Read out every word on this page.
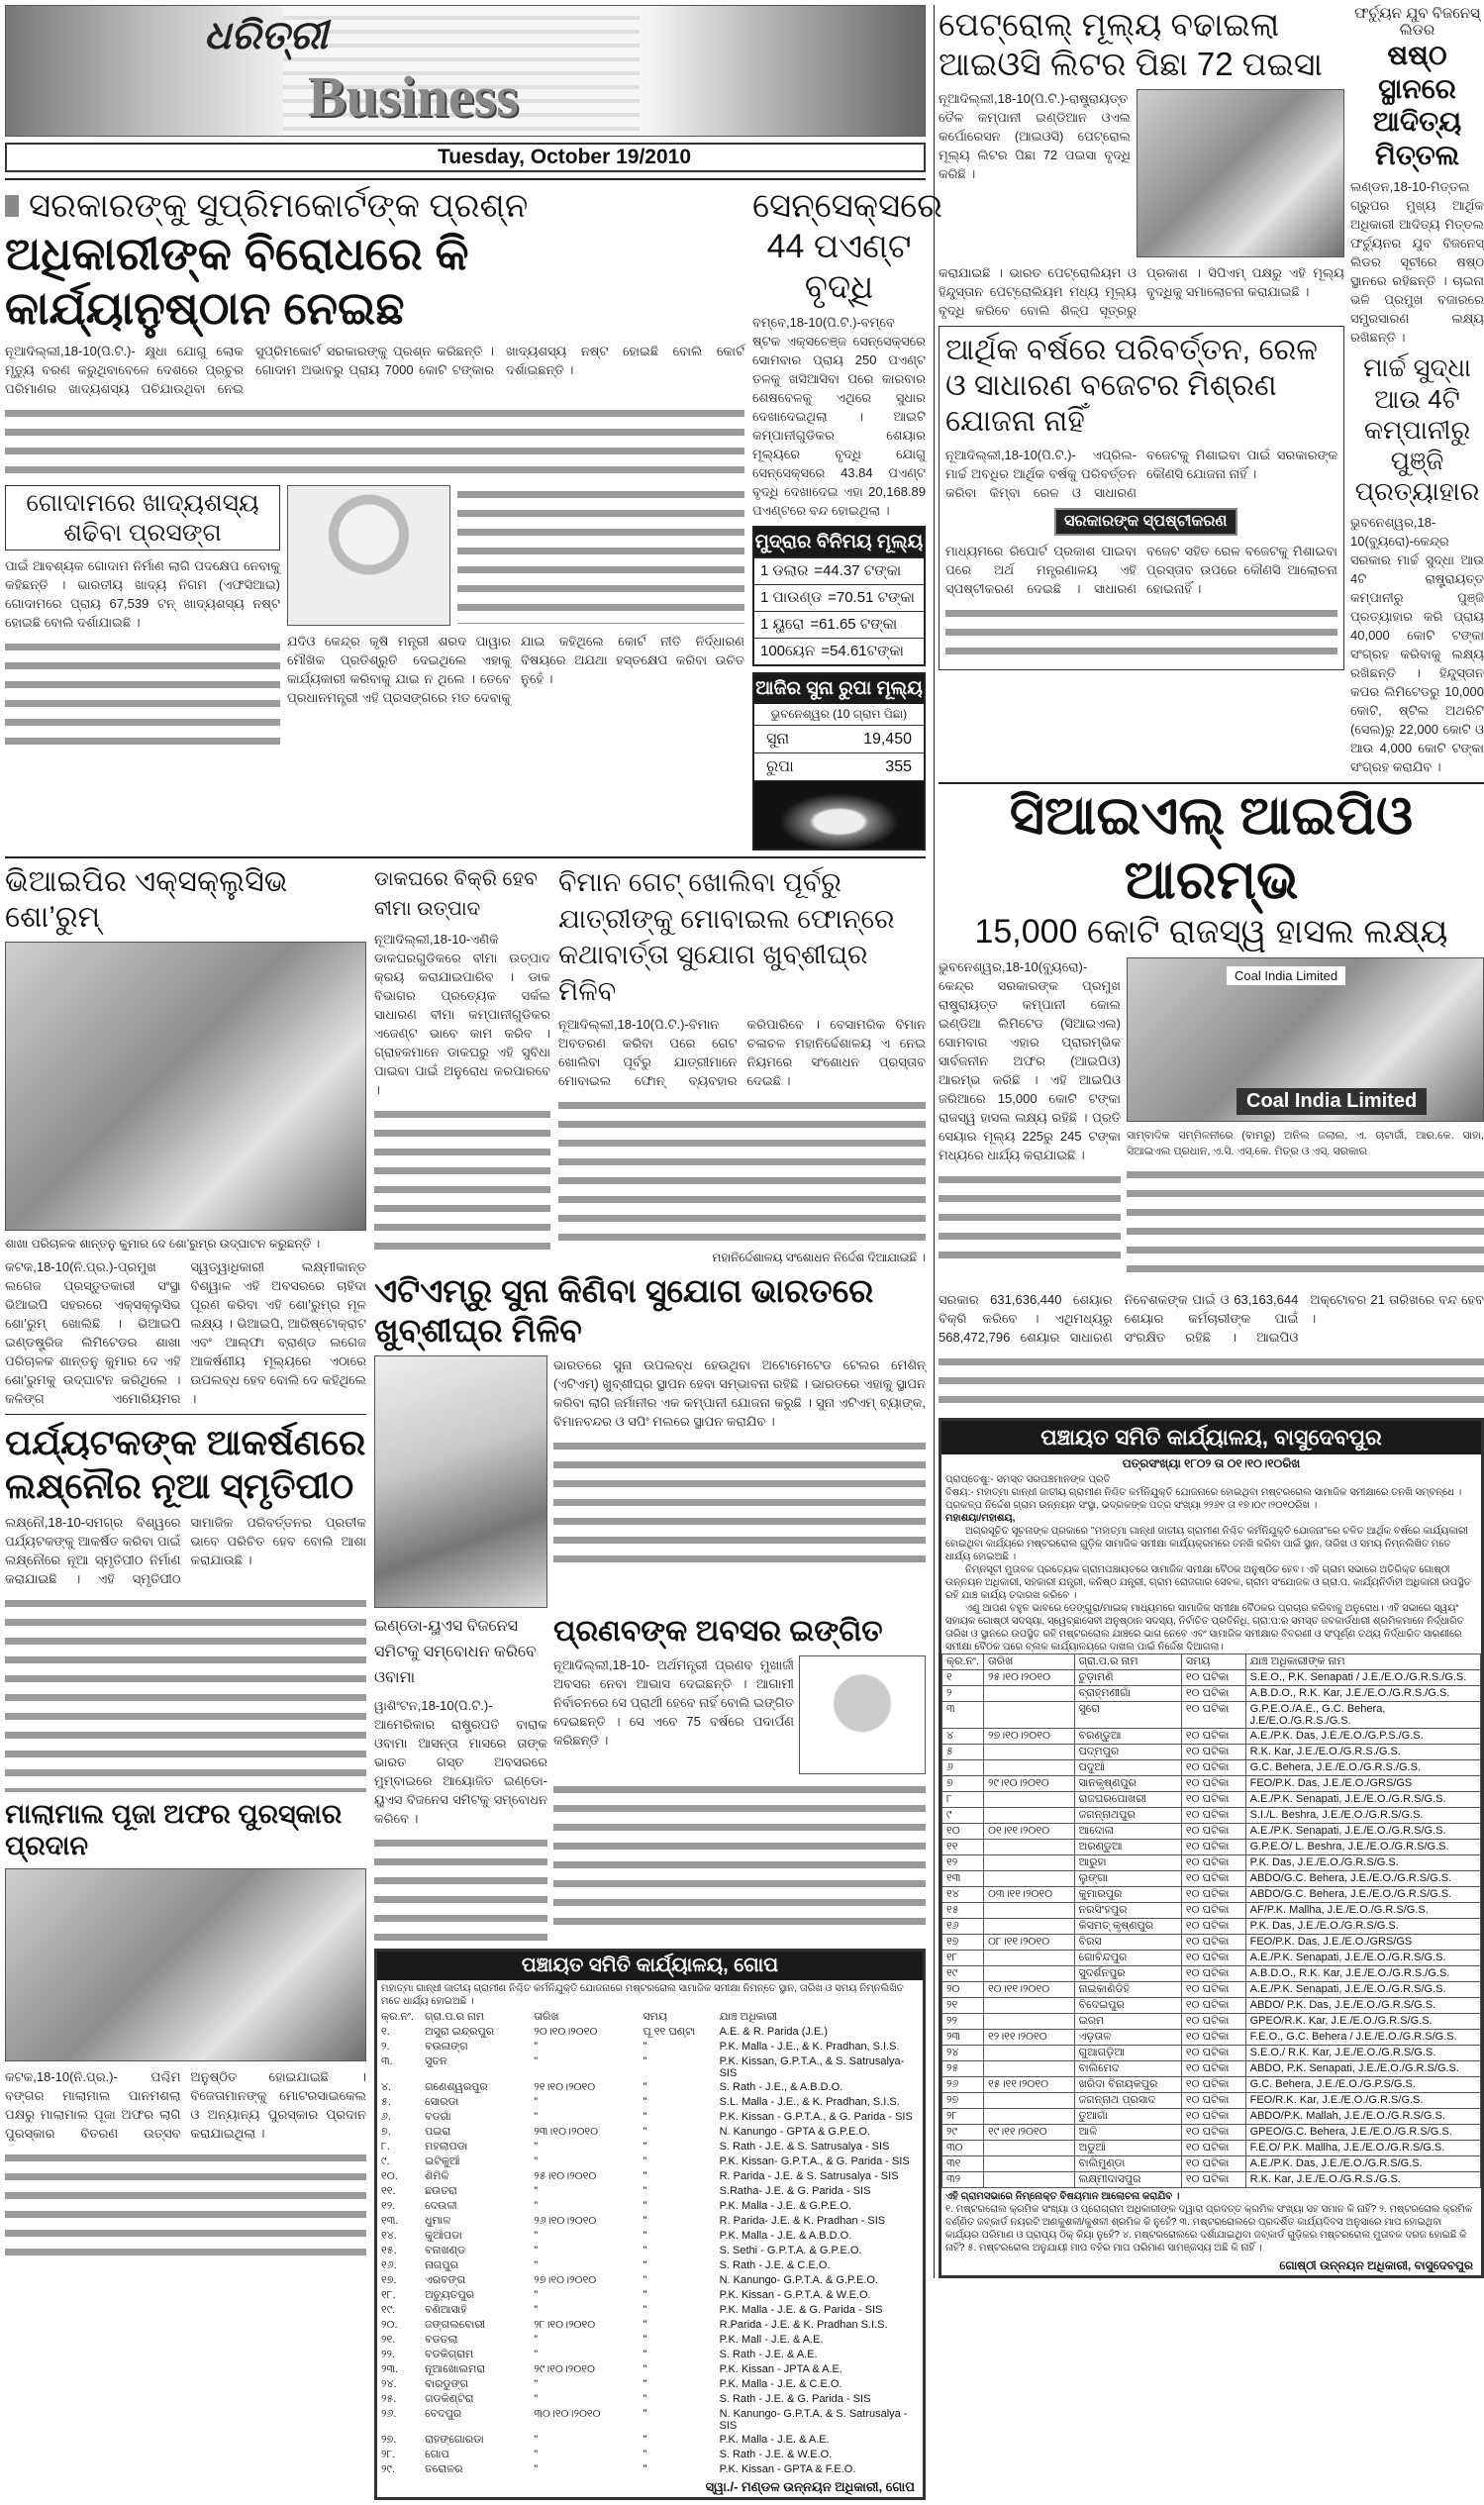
ଧରିତ୍ରୀ
Business
Tuesday, October 19/2010
ସରକାରଙ୍କୁ ସୁପ୍ରିମକୋର୍ଟଙ୍କ ପ୍ରଶ୍ନ
ଅଧିକାରୀଙ୍କ ବିରୋଧରେ କି କାର୍ଯ୍ୟାନୁଷ୍ଠାନ ନେଇଛ
ନୂଆଦିଲ୍ଲୀ,18-10(ପି.ଟି.)- କ୍ଷୁଧା ଯୋଗୁ ଲୋକ ମୃତ୍ୟୁ ବରଣ କରୁଥିବାବେଳେ ଦେଶରେ ପ୍ରଚୁର ପରିମାଣର ଖାଦ୍ୟଶସ୍ୟ ପଚିଯାଉଥିବା ନେଇ ସୁପ୍ରିମକୋର୍ଟ ସରକାରଙ୍କୁ ପ୍ରଶ୍ନ କରିଛନ୍ତି । ଗୋଦାମ ଅଭାବରୁ ପ୍ରାୟ 7000 କୋଟି ଟଙ୍କାର ଖାଦ୍ୟଶସ୍ୟ ନଷ୍ଟ ହୋଇଛି ବୋଲି କୋର୍ଟ ଦର୍ଶାଇଛନ୍ତି ।
ଗୋଦାମରେ ଖାଦ୍ୟଶସ୍ୟ ଶଢିବା ପ୍ରସଙ୍ଗ
ପାଇଁ ଆବଶ୍ୟକ ଗୋଦାମ ନିର୍ମାଣ ଲାଗି ପଦକ୍ଷେପ ନେବାକୁ କହିଛନ୍ତି । ଭାରତୀୟ ଖାଦ୍ୟ ନିଗମ (ଏଫସିଆଇ) ଗୋଦାମରେ ପ୍ରାୟ 67,539 ଟନ୍ ଖାଦ୍ୟଶସ୍ୟ ନଷ୍ଟ ହୋଇଛି ବୋଲି ଦର୍ଶାଯାଇଛି ।
ଯଦିଓ କେନ୍ଦ୍ର କୃଷି ମନ୍ତ୍ରୀ ଶରଦ ପାୱାର ମୌଖିକ ପ୍ରତିଶ୍ରୁତି ଦେଇଥିଲେ ଏହାକୁ କାର୍ଯ୍ୟକାରୀ କରିବାକୁ ଯାଇ ନ ଥିଲେ । ତେବେ ପ୍ରଧାନମନ୍ତ୍ରୀ ଏହି ପ୍ରସଙ୍ଗରେ ମତ ଦେବାକୁ ଯାଇ କହିଥିଲେ କୋର୍ଟ ନୀତି ନିର୍ଦ୍ଧାରଣ ବିଷୟରେ ଅଯଥା ହସ୍ତକ୍ଷେପ କରିବା ଉଚିତ ନୁହେଁ ।
ସେନ୍‌ସେକ୍ସରେ 44 ପଏଣ୍ଟ ବୃଦ୍ଧି
ବମ୍ବେ,18-10(ପି.ଟି.)-ବମ୍ବେ ଷ୍ଟକ ଏକ୍ସଚେଞ୍ଜ ସେନ୍‌ସେକ୍ସରେ ସୋମବାର ପ୍ରାୟ 250 ପଏଣ୍ଟ ତଳକୁ ଖସିଆସିବା ପରେ କାରବାର ଶେଷବେଳକୁ ଏଥିରେ ସୁଧାର ଦେଖାଦେଇଥିଲା । ଆଇଟି କମ୍ପାନୀଗୁଡିକର ଶେୟାର ମୂଲ୍ୟରେ ବୃଦ୍ଧି ଯୋଗୁ ସେନ୍‌ସେକ୍ସରେ 43.84 ପଏଣ୍ଟ ବୃଦ୍ଧି ଦେଖାଦେଇ ଏହା 20,168.89 ପଏଣ୍ଟରେ ବନ୍ଦ ହୋଇଥିଲା ।
ମୁଦ୍ରାର ବିନିମୟ ମୂଲ୍ୟ
1 ଡଲାର =44.37 ଟଙ୍କା
1 ପାଉଣ୍ଡ =70.51 ଟଙ୍କା
1 ୟୁରୋ =61.65 ଟଙ୍କା
100ୟେନ =54.61ଟଙ୍କା
ଆଜିର ସୁନା ରୁପା ମୂଲ୍ୟ
ଭୁବନେଶ୍ୱର (10 ଗ୍ରାମ ପିଛା)
ସୁନା	19,450
ରୁପା	355
ଭିଆଇପିର ଏକ୍ସକ୍ଲୁସିଭ ଶୋ’ରୁମ୍
ଶାଖା ପରିଚାଳକ ଶାନ୍ତନୁ କୁମାର ଦେ ଶୋ’ରୁମ୍‌ର ଉଦ୍‌ଘାଟନ କରୁଛନ୍ତି ।
କଟକ,18-10(ନି.ପ୍ର.)-ପ୍ରମୁଖ ଲଗେଜ ପ୍ରସ୍ତୁତକାରୀ ସଂସ୍ଥା ଭିଆଇପି ସହରରେ ଏକ୍ସକ୍ଲୁସିଭ ଶୋ’ରୁମ୍ ଖୋଲିଛି । ଭିଆଇପି ଇଣ୍ଡଷ୍ଟ୍ରିଜ ଲିମିଟେଡର ଶାଖା ପରିଚାଳକ ଶାନ୍ତନୁ କୁମାର ଦେ ଏହି ଶୋ’ରୁମକୁ ଉଦ୍‌ଘାଟନ କରିଥିଲେ । କଳିଙ୍ଗ ଏମୋରିୟମର ସ୍ୱତ୍ୱାଧିକାରୀ ଲକ୍ଷ୍ମୀକାନ୍ତ ବିଶ୍ୱାଳ ଏହି ଅବସରରେ ଚାହିଦା ପୂରଣ କରିବା ଏହି ଶୋ’ରୁମ୍‌ର ମୂଳ ଲକ୍ଷ୍ୟ । ଭିଆଇପି, ଆରିଷ୍ଟୋକ୍ରାଟ ଏବଂ ଆଲ୍‌ଫା ବ୍ରାଣ୍ଡ ଲଗେଜ ଆକର୍ଷଣୀୟ ମୂଲ୍ୟରେ ଏଠାରେ ଉପଲବ୍ଧ ହେବ ବୋଲି ଦେ କହିଥିଲେ ।
ପର୍ଯ୍ୟଟକଙ୍କ ଆକର୍ଷଣରେ ଲକ୍ଷ୍ନୌର ନୂଆ ସ୍ମୃତିପୀଠ
ଲକ୍ଷ୍ନୌ,18-10-ସମଗ୍ର ବିଶ୍ୱରେ ପର୍ଯ୍ୟଟକଙ୍କୁ ଆକର୍ଷିତ କରିବା ପାଇଁ ଲକ୍ଷ୍ନୌରେ ନୂଆ ସ୍ମୃତିପୀଠ ନିର୍ମାଣ କରାଯାଇଛି । ଏହି ସ୍ମୃତିପୀଠ ସାମାଜିକ ପରିବର୍ତ୍ତନର ପ୍ରତୀକ ଭାବେ ପରିଚିତ ହେବ ବୋଲି ଆଶା କରାଯାଉଛି ।
ମାଲାମାଲ ପୂଜା ଅଫର ପୁରସ୍କାର ପ୍ରଦାନ
କଟକ,18-10(ନି.ପ୍ର.)- ପଶ୍ଚିମ ବଙ୍ଗର ମାଲାମାଲ ପାନମଶଲା ପକ୍ଷରୁ ମାଲାମାଲ ପୂଜା ଅଫର ଲାଗି ପୁରସ୍କାର ବିତରଣ ଉତ୍ସବ ଅନୁଷ୍ଠିତ ହୋଇଯାଇଛି । ବିଜେତାମାନଙ୍କୁ ମୋଟରସାଇକେଲ ଓ ଅନ୍ୟାନ୍ୟ ପୁରସ୍କାର ପ୍ରଦାନ କରାଯାଇଥିଲା ।
ଡାକଘରେ ବିକ୍ରି ହେବ ବୀମା ଉତ୍ପାଦ
ନୂଆଦିଲ୍ଲୀ,18-10-ଏଣିକି ଡାକଘରଗୁଡିକରେ ବୀମା ଉତ୍ପାଦ କ୍ରୟ କରାଯାଇପାରିବ । ଡାକ ବିଭାଗର ପ୍ରତ୍ୟେକ ସର୍କଲ ସାଧାରଣ ବୀମା କମ୍ପାନୀଗୁଡିକର ଏଜେଣ୍ଟ ଭାବେ କାମ କରିବ । ଗ୍ରାହକମାନେ ଡାକଘରୁ ଏହି ସୁବିଧା ପାଇବା ପାଇଁ ଅନୁରୋଧ କରପାରବେ ।
ବିମାନ ଗେଟ୍ ଖୋଲିବା ପୂର୍ବରୁ ଯାତ୍ରୀଙ୍କୁ ମୋବାଇଲ ଫୋନ୍‌ରେ କଥାବାର୍ତ୍ତା ସୁଯୋଗ ଖୁବ୍‌ଶୀଘ୍ର ମିଳିବ
ନୂଆଦିଲ୍ଲୀ,18-10(ପି.ଟି.)-ବିମାନ ଅବତରଣ କରିବା ପରେ ଗେଟ ଖୋଲିବା ପୂର୍ବରୁ ଯାତ୍ରୀମାନେ ମୋବାଇଲ ଫୋନ୍ ବ୍ୟବହାର କରିପାରିବେ । ବେସାମରିକ ବିମାନ ଚଳାଚଳ ମହାନିର୍ଦ୍ଦେଶାଳୟ ଏ ନେଇ ନିୟମରେ ସଂଶୋଧନ ପ୍ରସ୍ତାବ ଦେଇଛି ।
ମହାନିର୍ଦ୍ଦେଶାଳୟ ସଂଶୋଧନ ନିର୍ଦ୍ଦେଶ ଦିଆଯାଇଛି ।
ଏଟିଏମ୍‌ରୁ ସୁନା କିଣିବା ସୁଯୋଗ ଭାରତରେ ଖୁବ୍‌ଶୀଘ୍ର ମିଳିବ
ଭାରତରେ ସୁନା ଉପଲବ୍ଧ ହେଉଥିବା ଅଟୋମେଟେଡ ଟେଲର ମେଶିନ୍ (ଏଟିଏମ୍) ଖୁବ୍‌ଶୀଘ୍ର ସ୍ଥାପନ ହେବା ସମ୍ଭାବନା ରହିଛି । ଭାରତରେ ଏହାକୁ ସ୍ଥାପନ କରିବା ଲାଗି ଜର୍ମାନୀର ଏକ କମ୍ପାନୀ ଯୋଜନା କରୁଛି । ସୁନା ଏଟିଏମ୍ ବ୍ୟାଙ୍କ, ବିମାନବନ୍ଦର ଓ ସପିଂ ମଲରେ ସ୍ଥାପନ କରାଯିବ ।
ଇଣ୍ଡୋ-ୟୁଏସ ବିଜନେସ ସମିଟକୁ ସମ୍ବୋଧନ କରିବେ ଓବାମା
ୱାଶିଂଟନ,18-10(ପି.ଟି.)-ଆମେରିକାର ରାଷ୍ଟ୍ରପତି ବାରାକ ଓବାମା ଆସନ୍ତା ମାସରେ ତାଙ୍କ ଭାରତ ଗସ୍ତ ଅବସରରେ ମୁମ୍ବାଇରେ ଆୟୋଜିତ ଇଣ୍ଡୋ-ୟୁଏସ ବିଜନେସ ସମିଟକୁ ସମ୍ବୋଧନ କରିବେ ।
ପ୍ରଣବଙ୍କ ଅବସର ଇଙ୍ଗିତ
ନୂଆଦିଲ୍ଲୀ,18-10- ଅର୍ଥମନ୍ତ୍ରୀ ପ୍ରଣବ ମୁଖାର୍ଜୀ ଅବସର ନେବା ଆଭାସ ଦେଇଛନ୍ତି । ଆଗାମୀ ନିର୍ବାଚନରେ ସେ ପ୍ରାର୍ଥୀ ହେବେ ନାହିଁ ବୋଲି ଇଙ୍ଗିତ ଦେଇଛନ୍ତି । ସେ ଏବେ 75 ବର୍ଷରେ ପଦାର୍ପଣ କରିଛନ୍ତି ।
ପଞ୍ଚାୟତ ସମିତି କାର୍ଯ୍ୟାଳୟ, ଗୋପ
ମହାତ୍ମା ଗାନ୍ଧୀ ଜାତୀୟ ଗ୍ରାମୀଣ ନିଶ୍ଚିତ କର୍ମନିଯୁକ୍ତି ଯୋଜନାରେ ମଷ୍ଟରରୋଲ ସାମାଜିକ ସମୀକ୍ଷା ନିମନ୍ତେ ସ୍ଥାନ, ତାରିଖ ଓ ସମୟ ନିମ୍ନଲିଖିତ ମତେ ଧାର୍ଯ୍ୟ ହୋଇଅଛି ।
କ୍ର.ନଂ.	ଗ୍ରା.ପ.ର ନାମ	ତାରିଖ	ସମୟ	ଯାଞ୍ଚ ଅଧିକାରୀ
୧.	ଅସୁରା ଇନ୍ଦ୍ରପୁର	୨୦।୧୦।୨୦୧୦	ପୂ ୧୧ ଘଣ୍ଟା	A.E. & R. Parida (J.E.)
୨.	ବଉଳାଙ୍ଗ	"	"	P.K. Malla - J.E., & K. Pradhan, S.I.S.
୩.	ସୁତନ	"	"	P.K. Kissan, G.P.T.A., & S. Satrusalya-SIS
୪.	ଗଣେଶ୍ୱରପୁର	୨୧।୧୦।୨୦୧୦	"	S. Rath - J.E., & A.B.D.O.
୫.	ସୋରଡା	"	"	S.L. Malla - J.E., & K. Pradhan, S.I.S.
୬.	ବଡଗାଁ	"	"	P.K. Kissan - G.P.T.A., & G. Parida - SIS
୭.	ପଇରା	୨୩।୧୦।୨୦୧୦	"	N. Kanungo - GPTA & G.P.E.O.
୮.	ମହଲାପଡା	"	"	S. Rath - J.E. & S. Satrusalya - SIS
୯.	ଇଟିକୁଆଁ	"	"	P.K. Kissan- G.P.T.A., & G. Parida - SIS
୧୦.	ଶିମିଳି	୨୫।୧୦।୨୦୧୦	"	R. Parida - J.E. & S. Satrusalya - SIS
୧୧.	ଛଉତରା	"	"	S.Ratha- J.E. & G. Parida - SIS
୧୨.	ଦେଉଳୀ	"	"	P.K. Malla - J.E. & G.P.E.O.
୧୩.	ଧୁମାଳ	୨୬।୧୦।୨୦୧୦	"	R. Parida- J.E. & K. Pradhan - SIS
୧୪.	କୁଆଁପଡା	"	"	P.K. Malla - J.E. & A.B.D.O.
୧୫.	ବନାଖଣ୍ଡ	"	"	S. Sethi - G.P.T.A. & G.P.E.O.
୧୬.	ନାଗପୁର	"	"	S. Rath - J.E. & C.E.O.
୧୭.	ଏରବଙ୍ଗ	୨୭।୧୦।୨୦୧୦	"	N. Kanungo- G.P.T.A. & G.P.E.O.
୧୮.	ଅଚ୍ୟୁତପୁର	"	"	P.K. Kissan - G.P.T.A. & W.E.O.
୧୯.	ବଣିଆସାହି	"	"	P.K. Malla - J.E. & G. Parida - SIS
୨୦.	ଜଙ୍ଗଲବୋରୀ	୨୮।୧୦।୨୦୧୦	"	R.Parida - J.E. & K. Pradhan S.I.S.
୨୧.	ବଡତଲା	"	"	P.K. Mall - J.E. & A.E.
୨୨.	ବଡକିଗ୍ରାମ	"	"	S. Rath - J.E. & A.E.
୨୩.	ନୂଆଖୋଲମରା	୨୯।୧୦।୨୦୧୦	"	P.K. Kissan - JPTA & A.E.
୨୪.	ବାରଡୁଙ୍ଗ	"	"	P.K. Malla - J.E. & C.E.O.
୨୫.	ଗଡକିଣ୍ଟିରା	"	"	S. Rath - J.E. & G. Parida - SIS
୨୬.	ବେଦପୁର	୩୦।୧୦।୨୦୧୦	"	N. Kanungo- G.P.T.A. & S. Satrusalya - SIS
୨୭.	ରାହଙ୍ଗୋରଡା	"	"	P.K. Malla - J.E. & A.E.
୨୮.	ଗୋପ	"	"	S. Rath - J.E. & W.E.O.
୨୯.	ତରୋଳର	"	"	P.K. Kissan - GPTA & F.E.O.
ସ୍ୱା./- ମଣ୍ଡଳ ଉନ୍ନୟନ ଅଧିକାରୀ, ଗୋପ
ପେଟ୍ରୋଲ୍ ମୂଲ୍ୟ ବଢାଇଲା ଆଇଓସି ଲିଟର ପିଛା 72 ପଇସା
ନୂଆଦିଲ୍ଲୀ,18-10(ପି.ଟି.)-ରାଷ୍ଟ୍ରାୟତ୍ତ ତୈଳ କମ୍ପାନୀ ଇଣ୍ଡିଆନ ଓଏଲ କର୍ପୋରେସନ (ଆଇଓସି) ପେଟ୍ରୋଲ ମୂଲ୍ୟ ଲିଟର ପିଛା 72 ପଇସା ବୃଦ୍ଧି କରିଛି ।
କରାଯାଇଛି । ଭାରତ ପେଟ୍ରୋଲିୟମ ଓ ହିନ୍ଦୁସ୍ତାନ ପେଟ୍ରୋଲିୟମ ମଧ୍ୟ ମୂଲ୍ୟ ବୃଦ୍ଧି କରିବେ ବୋଲି ଶିଳ୍ପ ସୂତ୍ରରୁ ପ୍ରକାଶ । ସିପିଏମ୍ ପକ୍ଷରୁ ଏହି ମୂଲ୍ୟ ବୃଦ୍ଧିକୁ ସମାଲୋଚନା କରାଯାଇଛି ।
ଆର୍ଥିକ ବର୍ଷରେ ପରିବର୍ତ୍ତନ, ରେଳ ଓ ସାଧାରଣ ବଜେଟର ମିଶ୍ରଣ ଯୋଜନା ନାହିଁ
ନୂଆଦିଲ୍ଲୀ,18-10(ପି.ଟି.)- ଏପ୍ରିଲ-ମାର୍ଚ୍ଚ ଅବଧିର ଆର୍ଥିକ ବର୍ଷକୁ ପରିବର୍ତ୍ତନ କରିବା କିମ୍ବା ରେଳ ଓ ସାଧାରଣ ବଜେଟକୁ ମିଶାଇବା ପାଇଁ ସରକାରଙ୍କ କୌଣସି ଯୋଜନା ନାହିଁ ।
ସରକାରଙ୍କ ସ୍ପଷ୍ଟୀକରଣ
ମାଧ୍ୟମରେ ରିପୋର୍ଟ ପ୍ରକାଶ ପାଇବା ପରେ ଅର୍ଥ ମନ୍ତ୍ରଣାଳୟ ଏହି ସ୍ପଷ୍ଟୀକରଣ ଦେଇଛି । ସାଧାରଣ ବଜେଟ ସହିତ ରେଳ ବଜେଟକୁ ମିଶାଇବା ପ୍ରସ୍ତାବ ଉପରେ କୌଣସି ଆଲୋଚନା ହୋଇନାହିଁ ।
ଫର୍ଚ୍ୟୁନ ଯୁବ ବିଜନେସ୍ ଲିଡର
ଷଷ୍ଠ ସ୍ଥାନରେ ଆଦିତ୍ୟ ମିତ୍ତଲ
ଲଣ୍ଡନ,18-10-ମିତ୍ତଲ ଗ୍ରୁପର ମୁଖ୍ୟ ଆର୍ଥିକ ଅଧିକାରୀ ଆଦିତ୍ୟ ମିତ୍ତଲ ଫର୍ଚ୍ୟୁନର ଯୁବ ବିଜନେସ୍ ଲିଡର ସୂଚୀରେ ଷଷ୍ଠ ସ୍ଥାନରେ ରହିଛନ୍ତି । ଚାଇନା ଭଳି ପ୍ରମୁଖ ବଜାରରେ ସମ୍ପ୍ରସାରଣ ଲକ୍ଷ୍ୟ ରଖିଛନ୍ତି ।
ମାର୍ଚ୍ଚ ସୁଦ୍ଧା ଆଉ 4ଟି କମ୍ପାନୀରୁ ପୁଞ୍ଜି ପ୍ରତ୍ୟାହାର
ଭୁବନେଶ୍ୱର,18-10(ବ୍ୟୁରୋ)-କେନ୍ଦ୍ର ସରକାର ମାର୍ଚ୍ଚ ସୁଦ୍ଧା ଆଉ 4ଟି ରାଷ୍ଟ୍ରାୟତ୍ତ କମ୍ପାନୀରୁ ପୁଞ୍ଜି ପ୍ରତ୍ୟାହାର କରି ପ୍ରାୟ 40,000 କୋଟି ଟଙ୍କା ସଂଗ୍ରହ କରିବାକୁ ଲକ୍ଷ୍ୟ ରଖିଛନ୍ତି । ହିନ୍ଦୁସ୍ତାନ କପର ଲିମିଟେଡରୁ 10,000 କୋଟି, ଷ୍ଟିଲ ଅଥରିଟି (ସେଲ)ରୁ 22,000 କୋଟି ଓ ଆଉ 4,000 କୋଟି ଟଙ୍କା ସଂଗ୍ରହ କରାଯିବ ।
ସିଆଇଏଲ୍ ଆଇପିଓ ଆରମ୍ଭ
15,000 କୋଟି ରାଜସ୍ୱ ହାସଲ ଲକ୍ଷ୍ୟ
ଭୁବନେଶ୍ୱର,18-10(ବ୍ୟୁରୋ)-କେନ୍ଦ୍ର ସରକାରଙ୍କ ପ୍ରମୁଖ ରାଷ୍ଟ୍ରାୟତ୍ତ କମ୍ପାନୀ କୋଲ ଇଣ୍ଡିଆ ଲିମିଟେଡ (ସିଆଇଏଲ) ସୋମବାର ଏହାର ପ୍ରାରମ୍ଭିକ ସାର୍ବଜନୀନ ଅଫର (ଆଇପିଓ) ଆରମ୍ଭ କରିଛି । ଏହି ଆଇପିଓ ଜରିଆରେ 15,000 କୋଟି ଟଙ୍କା ରାଜସ୍ୱ ହାସଲ ଲକ୍ଷ୍ୟ ରହିଛି । ପ୍ରତି ସେୟାର ମୂଲ୍ୟ 225ରୁ 245 ଟଙ୍କା ମଧ୍ୟରେ ଧାର୍ଯ୍ୟ କରାଯାଇଛି ।
Coal India Limited
Coal India Limited
ସାମ୍ବାଦିକ ସମ୍ମିଳନୀରେ (ବାମରୁ) ଅନିଲ ଜଲାଲ, ଏ. ଚାଟାର୍ଜୀ, ଆର.କେ. ସାହା, ସିଆଇଏଲ ପ୍ରଧାନ, ଏ.ସି. ଏସ୍.କେ. ମିତ୍ର ଓ ଏସ୍. ସରକାର
ସରକାର 631,636,440 ଶେୟାର ବିକ୍ରି କରିବେ । ଏଥିମଧ୍ୟରୁ 568,472,796 ଶେୟାର ସାଧାରଣ ନିବେଶକଙ୍କ ପାଇଁ ଓ 63,163,644 ଶେୟାର କର୍ମଚାରୀଙ୍କ ପାଇଁ ସଂରକ୍ଷିତ ରହିଛି । ଆଇପିଓ ଅକ୍ଟୋବର 21 ତାରିଖରେ ବନ୍ଦ ହେବ ।
ପଞ୍ଚାୟତ ସମିତି କାର୍ଯ୍ୟାଳୟ, ବାସୁଦେବପୁର
ପତ୍ରସଂଖ୍ୟା ୧୮୦୨ ତା ୦୧।୧୦।୧୦ରିଖ
ପ୍ରାପ୍ତେଷୁ:- ସମସ୍ତ ସରପଞ୍ଚମାନଙ୍କ ପ୍ରତି
ବିଷୟ:- ମହାତ୍ମା ଗାନ୍ଧୀ ଜାତୀୟ ଗ୍ରାମୀଣ ନିଶ୍ଚିତ କର୍ମନିଯୁକ୍ତି ଯୋଜନାରେ ହୋଇଥିବା ମଷ୍ଟରରୋଲ ସାମାଜିକ ସମୀକ୍ଷାରେ ତନଖି ସମ୍ବନ୍ଧେ । ପ୍ରକଳ୍ପ ନିର୍ଦ୍ଦେଶ ଗ୍ରାମ ଉନ୍ନୟନ ସଂସ୍ଥା, ଭଦ୍ରକଙ୍କ ପତ୍ର ସଂଖ୍ୟା ୨୨୬୧ ତା ୧୭।୦୯।୨୦୧୦ରିଖ ।
ମହାଶୟା/ମହାଶୟ,
ଅଗ୍ରସୂଚିତ ସୂଚନାଙ୍କ ପ୍ରକାରେ ''ମହାତ୍ମା ଗାନ୍ଧୀ ଜାତୀୟ ଗ୍ରାମୀଣ ନିଶ୍ଚିତ କର୍ମନିଯୁକ୍ତି ଯୋଜନା''ରେ ଚଳିତ ଆର୍ଥିକ ବର୍ଷରେ କାର୍ଯ୍ୟକାରୀ ହୋଇଥିବା କାର୍ଯ୍ୟରେ ମଷ୍ଟରରୋଲ ଗୁଡ଼ିକ ସାମାଜିକ ସମୀକ୍ଷା କାର୍ଯ୍ୟକ୍ରମରେ ତନଖି କରିବା ପାଇଁ ସ୍ଥାନ, ତାରିଖ ଓ ସମୟ ନିମ୍ନଲିଖିତ ମତେ ଧାର୍ଯ୍ୟ ହୋଇଅଛି ।
ନିମ୍ନସୂଚୀ ମୁତାବକ ପ୍ରତ୍ୟେକ ଗ୍ରାମପଞ୍ଚାୟତରେ ସାମାଜିକ ସମୀକ୍ଷା ବୈଠକ ଅନୁଷ୍ଠିତ ହେବ। ଏହି ଗ୍ରାମ ସଭାରେ ଅତିରିକ୍ତ ଗୋଷ୍ଠୀ ଉନ୍ନୟନ ଅଧିକାରୀ, ସହକାରୀ ଯନ୍ତ୍ରୀ, କନିଷ୍ଠ ଯନ୍ତ୍ରୀ, ଗ୍ରାମ ରୋଜଗାର ସେବକ, ଗ୍ରାମ ସଂଯୋଜକ ଓ ଗ୍ରା.ପ. କାର୍ଯ୍ୟନିର୍ବାହୀ ଅଧିକାରୀ ଉପସ୍ଥିତ ରହି ଯାଞ୍ଚ କାର୍ଯ୍ୟ ତଦାରଖ କରିବେ ।
ଏଣୁ ଆପଣ ବହୁଳ ଭାବରେ ଡେଙ୍ଗୁରା/ମାଇକ୍ ମାଧ୍ୟମରେ ସାମାଜିକ ସମୀକ୍ଷା ବୈଠକର ପ୍ରଚାର କରିବାକୁ ଅନୁରୋଧ। ଏହି ସଭାରେ ସ୍ୱୟଂ ସହାୟକ ଗୋଷ୍ଠୀ ସଦସ୍ୟା, ସ୍ୱେଚ୍ଛାସେବୀ ଅନୁଷ୍ଠାନ ସଦସ୍ୟ, ନିର୍ବାଚିତ ପ୍ରତିନିଧି, ଗ୍ରା:ପ:ର ସମସ୍ତ ଜବକାର୍ଡଧାରୀ ଶ୍ରମିକମାନେ ନିର୍ଦ୍ଧାରିତ ତାରିଖ ଓ ସ୍ଥାନରେ ଉପସ୍ଥିତ ରହି ମଷ୍ଟରରୋଲ ଯାଞ୍ଚରେ ଭାଗ ନେବେ ଏବଂ ସାମାଜିକ ସମୀକ୍ଷାର ବିବରଣୀ ଓ ସଂପୂର୍ଣ୍ଣ ତଥ୍ୟ ନିର୍ଦ୍ଧାରିତ ସାରଣୀରେ ସମୀକ୍ଷା ବୈଠକ ପରେ ବ୍ଲକ କାର୍ଯ୍ୟାଳୟରେ ଦାଖଲ ପାଇଁ ନିର୍ଦ୍ଦେଶ ଦିଆଗଲା।
କ୍ର.ନଂ.	ତାରିଖ	ଗ୍ରା.ପ.ର ନାମ	ସମୟ	ଯାଞ୍ଚ ଅଧିକାରୀଙ୍କ ନାମ
୧	୨୫।୧୦।୨୦୧୦	ଚୁଡ଼ାମଣି	୧୦ ଘଟିକା	S.E.O., P.K. Senapati / J.E./E.O./G.R.S./G.S.
୨		ବ୍ରାହ୍ମଣୀଗାଁ	୧୦ ଘଟିକା	A.B.D.O., R.K. Kar, J.E./E.O./G.R.S./G.S.
୩		ସୁରୋ	୧୦ ଘଟିକା	G.P.E.O./A.E., G.C. Behera, J.E/E.O./G.R.S./G.S.
୪	୨୭।୧୦।୨୦୧୦	ବରଣ୍ଡୁଆ	୧୦ ଘଟିକା	A.E./P.K. Das, J.E./E.O./G.P.S./G.S.
୫		ପଦ୍ମପୁର	୧୦ ଘଟିକା	R.K. Kar, J.E./E.O./G.R.S./G.S.
୬		ପଦୁଆଁ	୧୦ ଘଟିକା	G.C. Behera, J.E./E.O./G.R.S./G.S.
୭	୨୯।୧୦।୨୦୧୦	ସାନକୃଷ୍ଣପୁର	୧୦ ଘଟିକା	FEO/P.K. Das, J.E./E.O./GRS/GS
୮		ରାଜଘରପୋଖରୀ	୧୦ ଘଟିକା	A.E./P.K. Senapati, J.E./E.O./G.R.S/G.S.
୯		ଜଗନ୍ନାଥପୁର	୧୦ ଘଟିକା	S.I./L. Beshra, J.E./E.O./G.R.S/G.S.
୧୦	୦୧।୧୧।୨୦୧୦	ଆଦୋଳା	୧୦ ଘଟିକା	A.E./P.K. Senapati, J.E./E.O./G.R.S/G.S.
୧୧		ଅରଣ୍ଡୁଆ	୧୦ ଘଟିକା	G.P.E.O/ L. Beshra, J.E./E.O./G.R.S/G.S.
୧୨		ଆରୁହା	୧୦ ଘଟିକା	P.K. Das, J.E./E.O./G.R.S/G.S.
୧୩		ଲୁଙ୍ଗା	୧୦ ଘଟିକା	ABDO/G.C. Behera, J.E./E.O./G.R.S/G.S.
୧୪	୦୩।୧୧।୨୦୧୦	କୁମାରପୁର	୧୦ ଘଟିକା	ABDO/G.C. Behera, J.E./E.O./G.R.S/G.S.
୧୫		ନରସିଂହପୁର	୧୦ ଘଟିକା	AF/P.K. Mallha, J.E./E.O./G.R.S/G.S.
୧୬		କିସମତ୍ କୃଷ୍ଣପୁର	୧୦ ଘଟିକା	P.K. Das, J.E./E.O./G.R.S/G.S.
୧୭	୦୮।୧୧।୨୦୧୦	ବିରସ	୧୦ ଘଟିକା	FEO/P.K. Das, J.E./E.O./GRS/GS
୧୮		ଗୋବିନ୍ଦପୁର	୧୦ ଘଟିକା	A.E./P.K. Senapati, J.E./E.O./G.R.S/G.S.
୧୯		ସୁଦର୍ଶନପୁର	୧୦ ଘଟିକା	A.B.D.O., R.K. Kar, J.E./E.O./G.R.S./G.S.
୨୦	୧୦।୧୧।୨୦୧୦	ନାଇକାଣିଡିହି	୧୦ ଘଟିକା	A.E./P.K. Senapati, J.E./E.O./G.R.S/G.S.
୨୧		ବିଦେଇପୁର	୧୦ ଘଟିକା	ABDO/ P.K. Das, J.E./E.O./G.R.S/G.S.
୨୨		ଇରମ	୧୦ ଘଟିକା	GPEO/R.K. Kar, J.E./E.O./G.R.S/G.S.
୨୩	୧୨।୧୧।୨୦୧୦	ଏଡ଼ତାଳ	୧୦ ଘଟିକା	F.E.O., G.C. Behera / J.E./E.O./G.R.S/G.S.
୨୪		ଗୁଆଗଡ଼ିଆ	୧୦ ଘଟିକା	S.E.O./ R.K. Kar, J.E./E.O./G.R.S/G.S.
୨୫		ବାଲିମେଦ	୧୦ ଘଟିକା	ABDO, P.K. Senapati, J.E./E.O./G.R.S/G.S.
୨୬	୧୫।୧୧।୨୦୧୦	ଖରିଦା ବିନାୟକପୁର	୧୦ ଘଟିକା	G.C. Behera, J.E./E.O./G.P.S/G.S.
୨୭		ଜଗନ୍ନାଥ ପ୍ରସାଦ	୧୦ ଘଟିକା	FEO/R.K. Kar, J.E./E.O./G.R.S/G.S.
୨୮		ତୁଆଗାଁ	୧୦ ଘଟିକା	ABDO/P.K. Mallah, J.E./E.O./G.R.S/G.S.
୨୯	୧୯।୧୧।୨୦୧୦	ଆଳି	୧୦ ଘଟିକା	GPEO/G.C. Behera, J.E./E.O./G.R.S/G.S.
୩୦		ଅଡୁଆଁ	୧୦ ଘଟିକା	F.E.O/ P.K. Mallha, J.E./E.O./G.R.S/G.S.
୩୧		ବାଲିମୁଣ୍ଡା	୧୦ ଘଟିକା	A.E./P.K. Das, J.E./E.O./G.R.S/G.S.
୩୨		ଲକ୍ଷ୍ମୀଦାସପୁର	୧୦ ଘଟିକା	R.K. Kar, J.E./E.O./G.R.S./G.S.
ଏହି ଗ୍ରାମସଭାରେ ନିମ୍ନୋକ୍ତ ବିଷୟମାନ ଆଲୋଚନା କରାଯିବ ।
୧. ମଷ୍ଟରରୋଲ କ୍ରମିକ ସଂଖ୍ୟା ଓ ପ୍ରୋଗ୍ରାମ ଅଧିକାରୀଙ୍କ ଦ୍ୱାରା ପ୍ରଦତ୍ତ କ୍ରମିକ ସଂଖ୍ୟା ସହ ସମାନ କି ନାହିଁ? ୨. ମଷ୍ଟରରୋଲ କ୍ରମିକ ବର୍ଣ୍ଣିତ ଜବ୍‌କାର୍ଡ ନୟରଟି ଅଣକୁଶଳୀ/କୁଶଳୀ ଶ୍ରମିକ କି ନୁହେଁ? ୩. ମଷ୍ଟରରୋଲରେ ପ୍ରଦର୍ଶିତ କାର୍ଯ୍ୟଦିବସ ଅନୁସାରେ ମାପ ହୋଇଥିବା କାର୍ଯ୍ୟର ପରିମାଣ ଓ ପ୍ରାପ୍ୟ ଠିକ୍ କିୟା ନୁହେଁ? ୪. ମଷ୍ଟରରୋଲରେ ଦର୍ଶାଯାଇଥିବା ଜବ୍‌କାର୍ଡ ଗୁଡ଼ିକର ମଷ୍ଟରରୋଲ ମୁତାବକ ଦରଜ ହୋଇଛି କି ନାହିଁ? ୫. ମଷ୍ଟରରୋଲ ଅନୁଯାୟୀ ମାପ ବହିର ମାପ ପରିମାଣ ସାମଞ୍ଜସ୍ୟ ଅଛି କି ନାହିଁ ।
ଗୋଷ୍ଠୀ ଉନ୍ନୟନ ଅଧିକାରୀ, ବାସୁଦେବପୁର
